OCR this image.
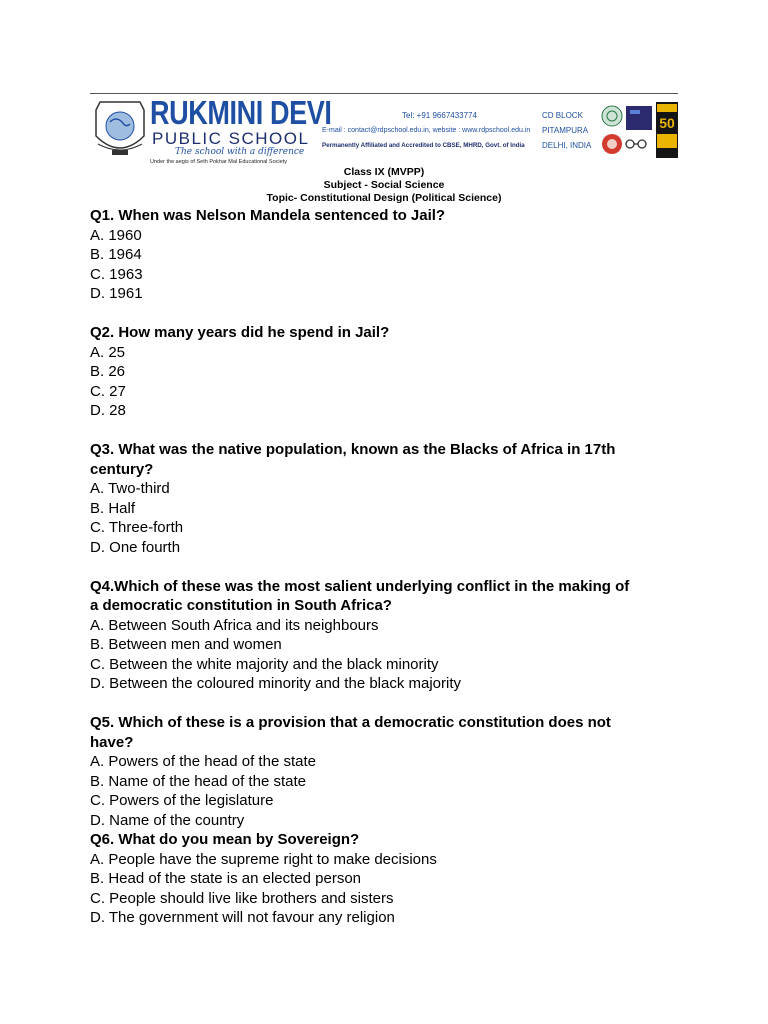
RUKMINI DEVI
PUBLIC SCHOOL
The school with a difference
Under the aegis of Seth Pokhar Mal Educational Society
Tel: +91 9667433774
E-mail : contact@rdpschool.edu.in, website : www.rdpschool.edu.in
Permanently Affiliated and Accredited to CBSE, MHRD, Govt. of India
CD BLOCK
PITAMPURA
DELHI, INDIA
50
Class IX (MVPP)
Subject - Social Science
Topic- Constitutional Design (Political Science)
Q1. When was Nelson Mandela sentenced to Jail?
A. 1960
B. 1964
C. 1963
D. 1961
Q2. How many years did he spend in Jail?
A. 25
B. 26
C. 27
D. 28
Q3. What was the native population, known as the Blacks of Africa in 17th
century?
A. Two-third
B. Half
C. Three-forth
D. One fourth
Q4.Which of these was the most salient underlying conflict in the making of
a democratic constitution in South Africa?
A. Between South Africa and its neighbours
B. Between men and women
C. Between the white majority and the black minority
D. Between the coloured minority and the black majority
Q5. Which of these is a provision that a democratic constitution does not
have?
A. Powers of the head of the state
B. Name of the head of the state
C. Powers of the legislature
D. Name of the country
Q6. What do you mean by Sovereign?
A. People have the supreme right to make decisions
B. Head of the state is an elected person
C. People should live like brothers and sisters
D. The government will not favour any religion
